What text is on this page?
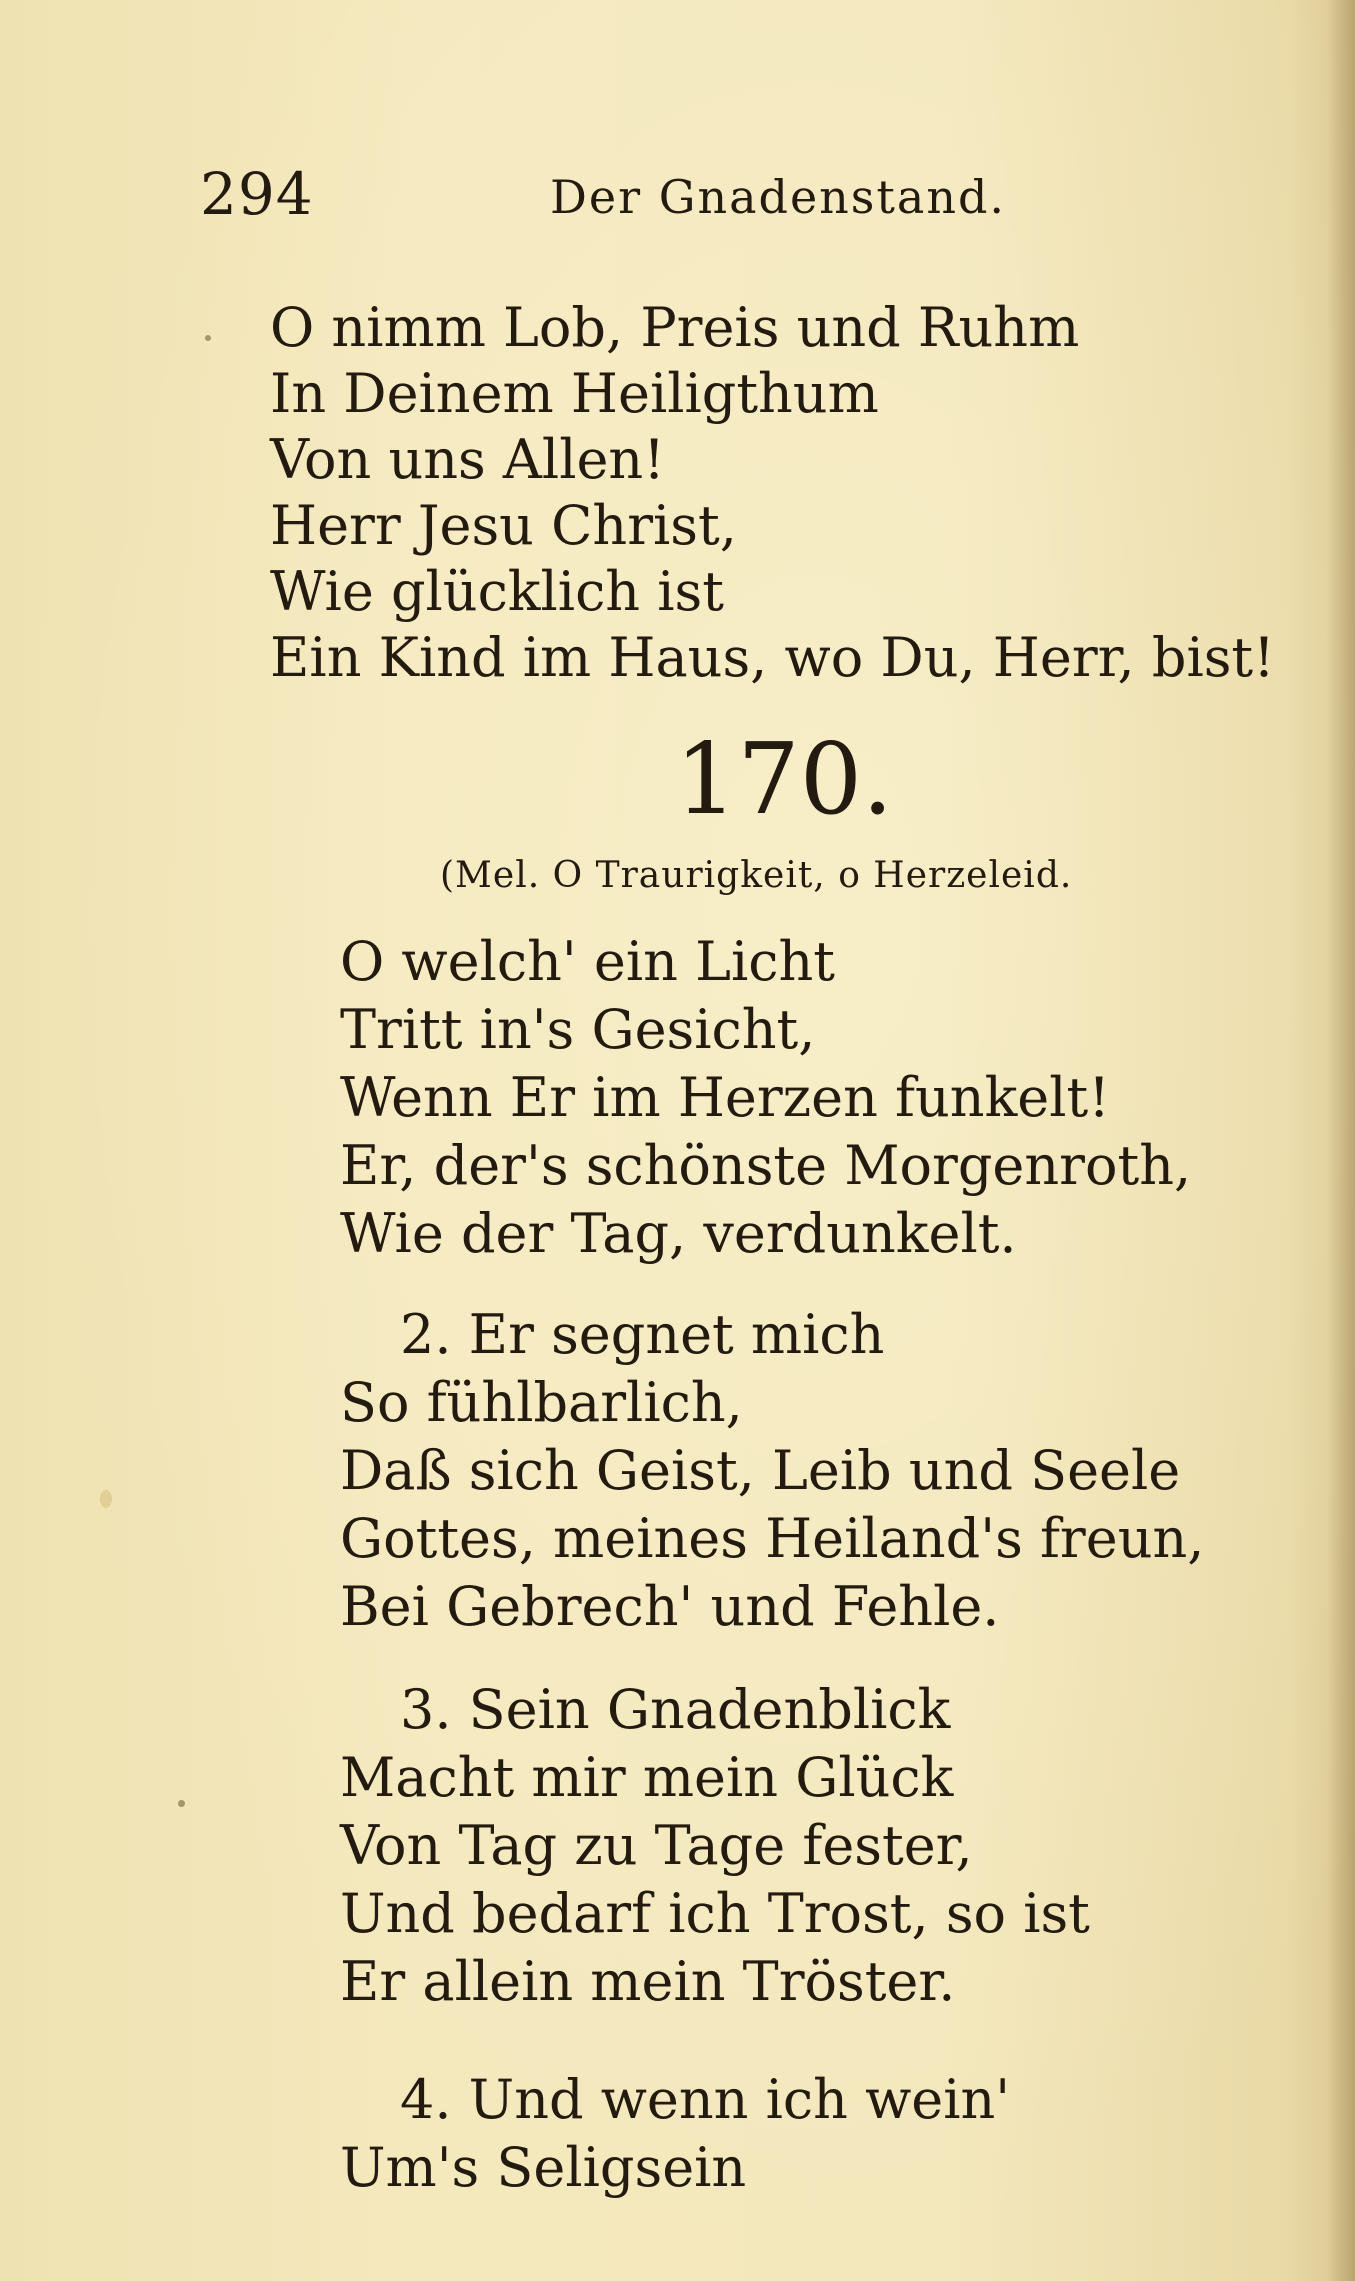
294	Der Gnadenstand.
O nimm Lob, Preis und Ruhm
In Deinem Heiligthum
Von uns Allen!
Herr Jesu Christ,
Wie glücklich ist
Ein Kind im Haus, wo Du, Herr, bist!
170.
(Mel. O Traurigkeit, o Herzeleid.
O welch' ein Licht
Tritt in's Gesicht,
Wenn Er im Herzen funkelt!
Er, der's schönste Morgenroth,
Wie der Tag, verdunkelt.
2. Er segnet mich
So fühlbarlich,
Daß sich Geist, Leib und Seele
Gottes, meines Heiland's freun,
Bei Gebrech' und Fehle.
3. Sein Gnadenblick
Macht mir mein Glück
Von Tag zu Tage fester,
Und bedarf ich Trost, so ist
Er allein mein Tröster.
4. Und wenn ich wein'
Um's Seligsein
